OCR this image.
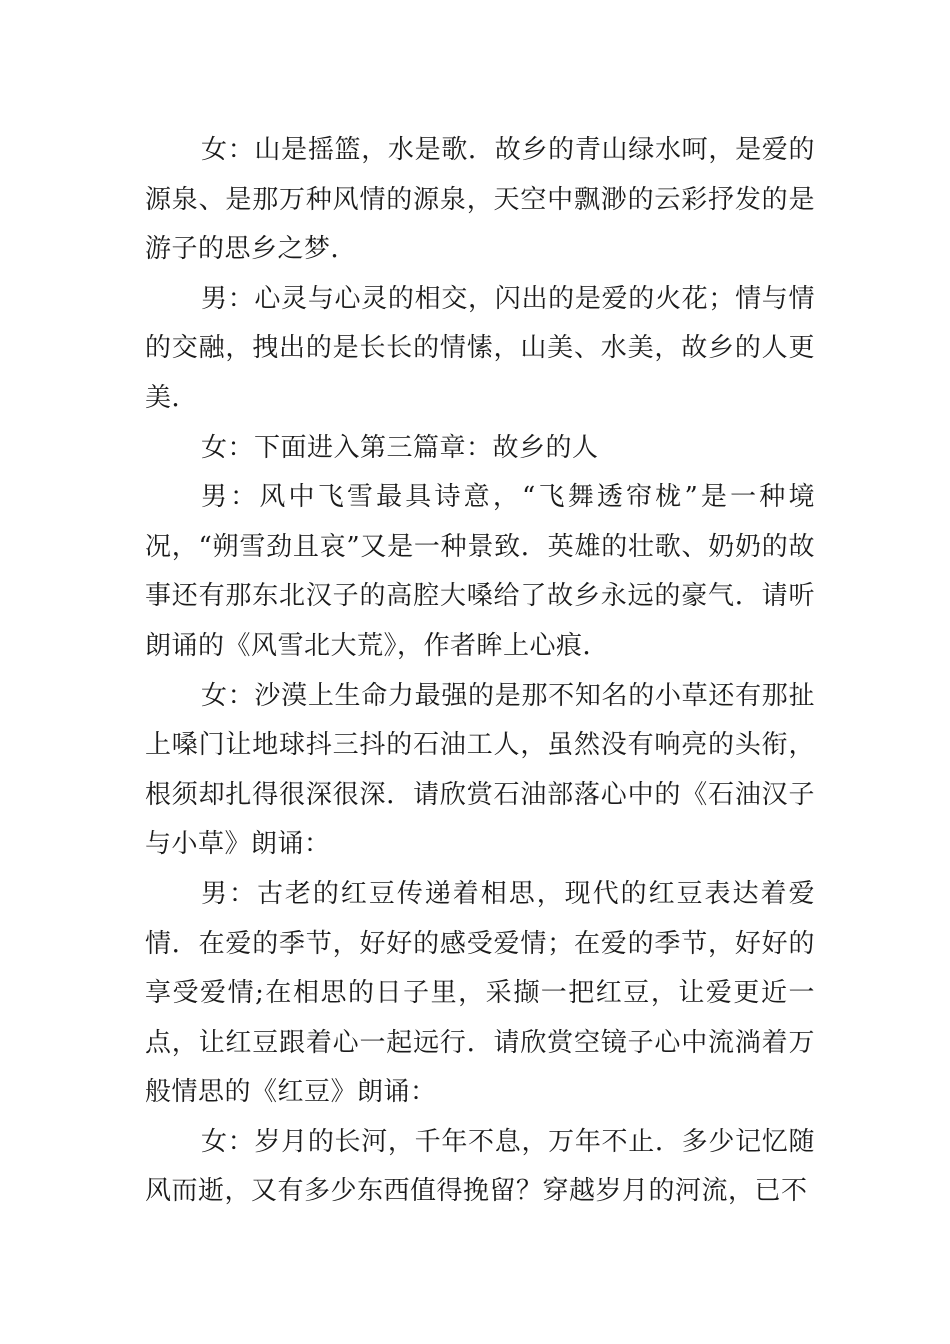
女：山是摇篮，水是歌．故乡的青山绿水呵，是爱的源泉、是那万种风情的源泉，天空中飘渺的云彩抒发的是游子的思乡之梦．

男：心灵与心灵的相交，闪出的是爱的火花；情与情的交融，拽出的是长长的情愫，山美、水美，故乡的人更美．

女：下面进入第三篇章：故乡的人

男：风中飞雪最具诗意，“飞舞透帘栊”是一种境况，“朔雪劲且哀”又是一种景致．英雄的壮歌、奶奶的故事还有那东北汉子的高腔大嗓给了故乡永远的豪气．请听朗诵的《风雪北大荒》，作者眸上心痕．

女：沙漠上生命力最强的是那不知名的小草还有那扯上嗓门让地球抖三抖的石油工人，虽然没有响亮的头衔，根须却扎得很深很深．请欣赏石油部落心中的《石油汉子与小草》朗诵：

男：古老的红豆传递着相思，现代的红豆表达着爱情．在爱的季节，好好的感受爱情；在爱的季节，好好的享受爱情;在相思的日子里，采撷一把红豆，让爱更近一点，让红豆跟着心一起远行．请欣赏空镜子心中流淌着万般情思的《红豆》朗诵：

女：岁月的长河，千年不息，万年不止．多少记忆随风而逝，又有多少东西值得挽留？穿越岁月的河流，已不
